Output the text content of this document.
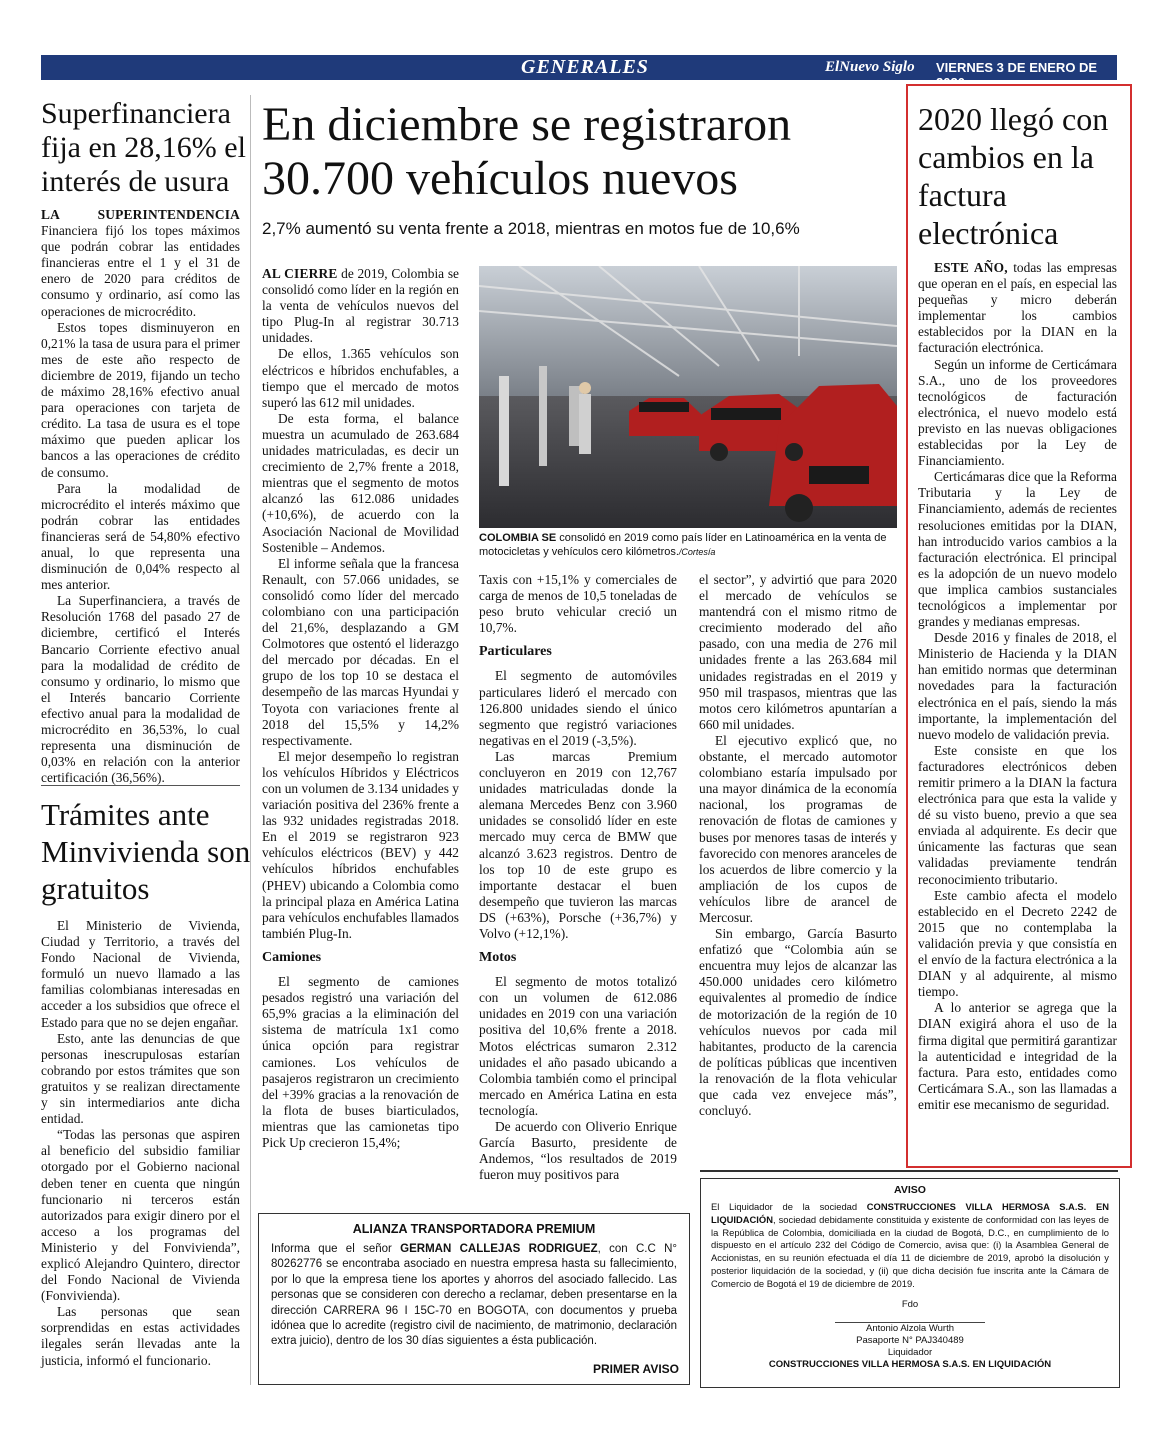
GENERALES	ElNuevo Siglo VIERNES 3 DE ENERO DE 2020
19A
Superfinanciera fija en 28,16% el interés de usura

LA SUPERINTENDENCIA Financiera fijó los topes máximos que podrán cobrar las entidades financieras entre el 1 y el 31 de enero de 2020 para créditos de consumo y ordinario, así como las operaciones de microcrédito.

Estos topes disminuyeron en 0,21% la tasa de usura para el primer mes de este año respecto de diciembre de 2019, fijando un techo de máximo 28,16% efectivo anual para operaciones con tarjeta de crédito. La tasa de usura es el tope máximo que pueden aplicar los bancos a las operaciones de crédito de consumo.

Para la modalidad de microcrédito el interés máximo que podrán cobrar las entidades financieras será de 54,80% efectivo anual, lo que representa una disminución de 0,04% respecto al mes anterior.

La Superfinanciera, a través de Resolución 1768 del pasado 27 de diciembre, certificó el Interés Bancario Corriente efectivo anual para la modalidad de crédito de consumo y ordinario, lo mismo que el Interés bancario Corriente efectivo anual para la modalidad de microcrédito en 36,53%, lo cual representa una disminución de 0,03% en relación con la anterior certificación (36,56%).

Trámites ante Minvivienda son gratuitos

El Ministerio de Vivienda, Ciudad y Territorio, a través del Fondo Nacional de Vivienda, formuló un nuevo llamado a las familias colombianas interesadas en acceder a los subsidios que ofrece el Estado para que no se dejen engañar.

Esto, ante las denuncias de que personas inescrupulosas estarían cobrando por estos trámites que son gratuitos y se realizan directamente y sin intermediarios ante dicha entidad.

“Todas las personas que aspiren al beneficio del subsidio familiar otorgado por el Gobierno nacional deben tener en cuenta que ningún funcionario ni terceros están autorizados para exigir dinero por el acceso a los programas del Ministerio y del Fonvivienda”, explicó Alejandro Quintero, director del Fondo Nacional de Vivienda (Fonvivienda).

Las personas que sean sorprendidas en estas actividades ilegales serán llevadas ante la justicia, informó el funcionario.

En diciembre se registraron 30.700 vehículos nuevos
2,7% aumentó su venta frente a 2018, mientras en motos fue de 10,6%

AL CIERRE de 2019, Colombia se consolidó como líder en la región en la venta de vehículos nuevos del tipo Plug-In al registrar 30.713 unidades.

De ellos, 1.365 vehículos son eléctricos e híbridos enchufables, a tiempo que el mercado de motos superó las 612 mil unidades.

De esta forma, el balance muestra un acumulado de 263.684 unidades matriculadas, es decir un crecimiento de 2,7% frente a 2018, mientras que el segmento de motos alcanzó las 612.086 unidades (+10,6%), de acuerdo con la Asociación Nacional de Movilidad Sostenible – Andemos.

El informe señala que la francesa Renault, con 57.066 unidades, se consolidó como líder del mercado colombiano con una participación del 21,6%, desplazando a GM Colmotores que ostentó el liderazgo del mercado por décadas. En el grupo de los top 10 se destaca el desempeño de las marcas Hyundai y Toyota con variaciones frente al 2018 del 15,5% y 14,2% respectivamente.

El mejor desempeño lo registran los vehículos Híbridos y Eléctricos con un volumen de 3.134 unidades y variación positiva del 236% frente a las 932 unidades registradas 2018. En el 2019 se registraron 923 vehículos eléctricos (BEV) y 442 vehículos híbridos enchufables (PHEV) ubicando a Colombia como la principal plaza en América Latina para vehículos enchufables llamados también Plug-In.

Camiones

El segmento de camiones pesados registró una variación del 65,9% gracias a la eliminación del sistema de matrícula 1x1 como única opción para registrar camiones. Los vehículos de pasajeros registraron un crecimiento del +39% gracias a la renovación de la flota de buses biarticulados, mientras que las camionetas tipo Pick Up crecieron 15,4%;

COLOMBIA SE consolidó en 2019 como país líder en Latinoamérica en la venta de motocicletas y vehículos cero kilómetros./Cortesía

Taxis con +15,1% y comerciales de carga de menos de 10,5 toneladas de peso bruto vehicular creció un 10,7%.

Particulares

El segmento de automóviles particulares lideró el mercado con 126.800 unidades siendo el único segmento que registró variaciones negativas en el 2019 (-3,5%).

Las marcas Premium concluyeron en 2019 con 12,767 unidades matriculadas donde la alemana Mercedes Benz con 3.960 unidades se consolidó líder en este mercado muy cerca de BMW que alcanzó 3.623 registros. Dentro de los top 10 de este grupo es importante destacar el buen desempeño que tuvieron las marcas DS (+63%), Porsche (+36,7%) y Volvo (+12,1%).

Motos

El segmento de motos totalizó con un volumen de 612.086 unidades en 2019 con una variación positiva del 10,6% frente a 2018. Motos eléctricas sumaron 2.312 unidades el año pasado ubicando a Colombia también como el principal mercado en América Latina en esta tecnología.

De acuerdo con Oliverio Enrique García Basurto, presidente de Andemos, “los resultados de 2019 fueron muy positivos para

el sector”, y advirtió que para 2020 el mercado de vehículos se mantendrá con el mismo ritmo de crecimiento moderado del año pasado, con una media de 276 mil unidades frente a las 263.684 mil unidades registradas en el 2019 y 950 mil traspasos, mientras que las motos cero kilómetros apuntarían a 660 mil unidades.

El ejecutivo explicó que, no obstante, el mercado automotor colombiano estaría impulsado por una mayor dinámica de la economía nacional, los programas de renovación de flotas de camiones y buses por menores tasas de interés y favorecido con menores aranceles de los acuerdos de libre comercio y la ampliación de los cupos de vehículos libre de arancel de Mercosur.

Sin embargo, García Basurto enfatizó que “Colombia aún se encuentra muy lejos de alcanzar las 450.000 unidades cero kilómetro equivalentes al promedio de índice de motorización de la región de 10 vehículos nuevos por cada mil habitantes, producto de la carencia de políticas públicas que incentiven la renovación de la flota vehicular que cada vez envejece más”, concluyó.

2020 llegó con cambios en la factura electrónica

ESTE AÑO, todas las empresas que operan en el país, en especial las pequeñas y micro deberán implementar los cambios establecidos por la DIAN en la facturación electrónica.

Según un informe de Certicámara S.A., uno de los proveedores tecnológicos de facturación electrónica, el nuevo modelo está previsto en las nuevas obligaciones establecidas por la Ley de Financiamiento.

Certicámaras dice que la Reforma Tributaria y la Ley de Financiamiento, además de recientes resoluciones emitidas por la DIAN, han introducido varios cambios a la facturación electrónica. El principal es la adopción de un nuevo modelo que implica cambios sustanciales tecnológicos a implementar por grandes y medianas empresas.

Desde 2016 y finales de 2018, el Ministerio de Hacienda y la DIAN han emitido normas que determinan novedades para la facturación electrónica en el país, siendo la más importante, la implementación del nuevo modelo de validación previa.

Este consiste en que los facturadores electrónicos deben remitir primero a la DIAN la factura electrónica para que esta la valide y dé su visto bueno, previo a que sea enviada al adquirente. Es decir que únicamente las facturas que sean validadas previamente tendrán reconocimiento tributario.

Este cambio afecta el modelo establecido en el Decreto 2242 de 2015 que no contemplaba la validación previa y que consistía en el envío de la factura electrónica a la DIAN y al adquirente, al mismo tiempo.

A lo anterior se agrega que la DIAN exigirá ahora el uso de la firma digital que permitirá garantizar la autenticidad e integridad de la factura. Para esto, entidades como Certicámara S.A., son las llamadas a emitir ese mecanismo de seguridad.

ALIANZA TRANSPORTADORA PREMIUM
Informa que el señor GERMAN CALLEJAS RODRIGUEZ, con C.C N° 80262776 se encontraba asociado en nuestra empresa hasta su fallecimiento, por lo que la empresa tiene los aportes y ahorros del asociado fallecido. Las personas que se consideren con derecho a reclamar, deben presentarse en la dirección CARRERA 96 I 15C-70 en BOGOTA, con documentos y prueba idónea que lo acredite (registro civil de nacimiento, de matrimonio, declaración extra juicio), dentro de los 30 días siguientes a ésta publicación.
PRIMER AVISO
AVISO
El Liquidador de la sociedad CONSTRUCCIONES VILLA HERMOSA S.A.S. EN LIQUIDACIÓN, sociedad debidamente constituida y existente de conformidad con las leyes de la República de Colombia, domiciliada en la ciudad de Bogotá, D.C., en cumplimiento de lo dispuesto en el artículo 232 del Código de Comercio, avisa que: (i) la Asamblea General de Accionistas, en su reunión efectuada el día 11 de diciembre de 2019, aprobó la disolución y posterior liquidación de la sociedad, y (ii) que dicha decisión fue inscrita ante la Cámara de Comercio de Bogotá el 19 de diciembre de 2019.
Fdo
Antonio Alzola Wurth
Pasaporte N° PAJ340489
Liquidador
CONSTRUCCIONES VILLA HERMOSA S.A.S. EN LIQUIDACIÓN
